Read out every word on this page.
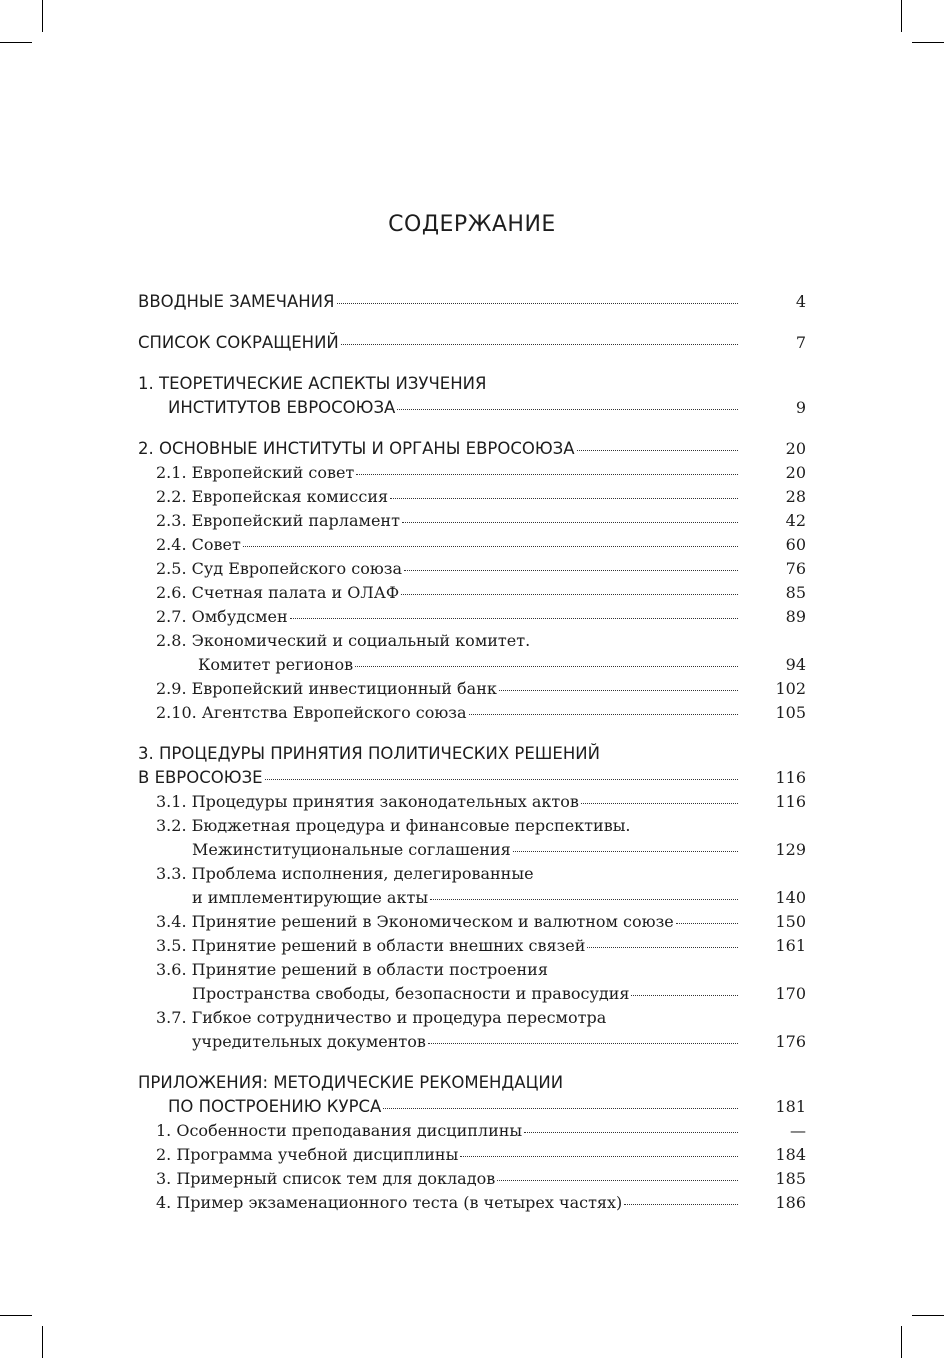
СОДЕРЖАНИЕ
ВВОДНЫЕ ЗАМЕЧАНИЯ	4
СПИСОК СОКРАЩЕНИЙ	7
1. ТЕОРЕТИЧЕСКИЕ АСПЕКТЫ ИЗУЧЕНИЯ
ИНСТИТУТОВ ЕВРОСОЮЗА	9
2. ОСНОВНЫЕ ИНСТИТУТЫ И ОРГАНЫ ЕВРОСОЮЗА	20
2.1. Европейский совет	20
2.2. Европейская комиссия	28
2.3. Европейский парламент	42
2.4. Совет	60
2.5. Суд Европейского союза	76
2.6. Счетная палата и ОЛАФ	85
2.7. Омбудсмен	89
2.8. Экономический и социальный комитет.
Комитет регионов	94
2.9. Европейский инвестиционный банк	102
2.10. Агентства Европейского союза	105
3. ПРОЦЕДУРЫ ПРИНЯТИЯ ПОЛИТИЧЕСКИХ РЕШЕНИЙ
В ЕВРОСОЮЗЕ	116
3.1. Процедуры принятия законодательных актов	116
3.2. Бюджетная процедура и финансовые перспективы.
Межинституциональные соглашения	129
3.3. Проблема исполнения, делегированные
и имплементирующие акты	140
3.4. Принятие решений в Экономическом и валютном союзе	150
3.5. Принятие решений в области внешних связей	161
3.6. Принятие решений в области построения
Пространства свободы, безопасности и правосудия	170
3.7. Гибкое сотрудничество и процедура пересмотра
учредительных документов	176
ПРИЛОЖЕНИЯ: МЕТОДИЧЕСКИЕ РЕКОМЕНДАЦИИ
ПО ПОСТРОЕНИЮ КУРСА	181
1. Особенности преподавания дисциплины	—
2. Программа учебной дисциплины	184
3. Примерный список тем для докладов	185
4. Пример экзаменационного теста (в четырех частях)	186
